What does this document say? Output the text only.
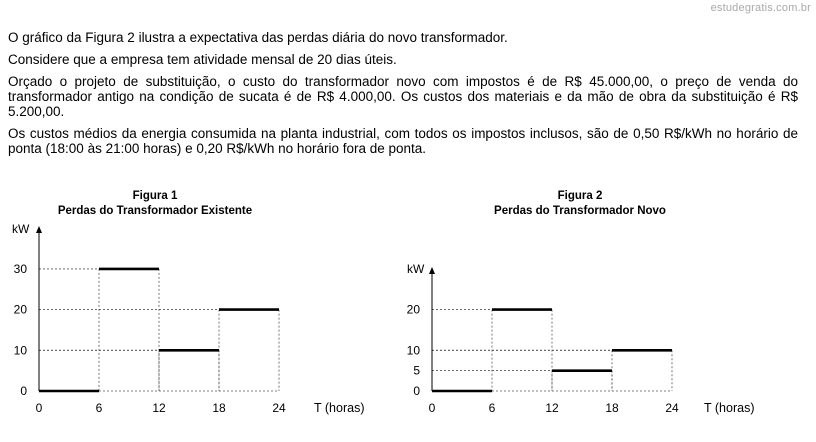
estudegratis.com.br

O gráfico da Figura 2 ilustra a expectativa das perdas diária do novo transformador.

Considere que a empresa tem atividade mensal de 20 dias úteis.

Orçado o projeto de substituição, o custo do transformador novo com impostos é de R$ 45.000,00, o preço de venda do transformador antigo na condição de sucata é de R$ 4.000,00. Os custos dos materiais e da mão de obra da substituição é R$ 5.200,00.

Os custos médios da energia consumida na planta industrial, com todos os impostos inclusos, são de 0,50 R$/kWh no horário de ponta (18:00 às 21:00 horas) e 0,20 R$/kWh no horário fora de ponta.

Figura 1
Perdas do Transformador Existente
kW
0
10
20
30
0	6	12	18	24 T (horas)
Figura 2
Perdas do Transformador Novo
kW
0
5
10
20
0	6	12	18	24 T (horas)
